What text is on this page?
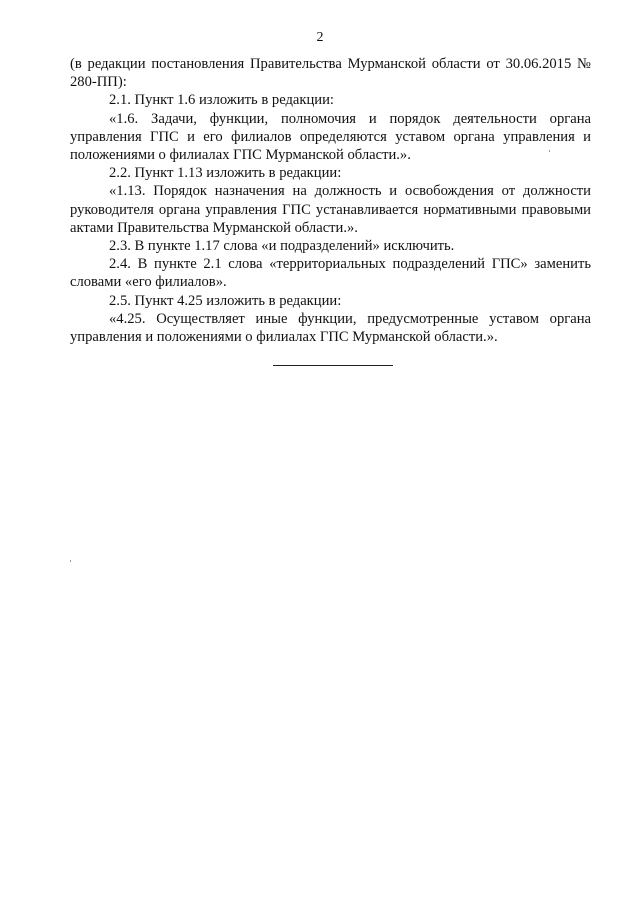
2

(в редакции постановления Правительства Мурманской области от 30.06.2015 № 280-ПП):

2.1. Пункт 1.6 изложить в редакции:

«1.6. Задачи, функции, полномочия и порядок деятельности органа управления ГПС и его филиалов определяются уставом органа управления и положениями о филиалах ГПС Мурманской области.».

2.2. Пункт 1.13 изложить в редакции:

«1.13. Порядок назначения на должность и освобождения от должности руководителя органа управления ГПС устанавливается нормативными правовыми актами Правительства Мурманской области.».

2.3. В пункте 1.17 слова «и подразделений» исключить.

2.4. В пункте 2.1 слова «территориальных подразделений ГПС» заменить словами «его филиалов».

2.5. Пункт 4.25 изложить в редакции:

«4.25. Осуществляет иные функции, предусмотренные уставом органа управления и положениями о филиалах ГПС Мурманской области.».
